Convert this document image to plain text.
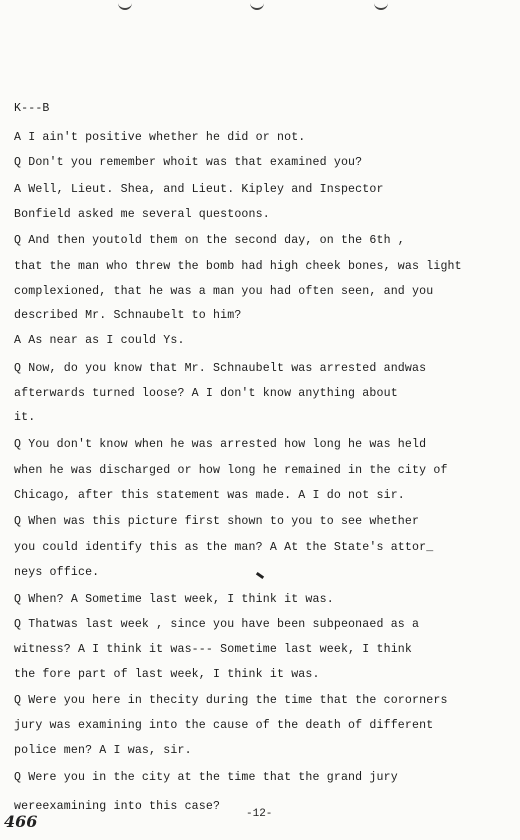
K---B
A I ain't positive whether he did or not.
Q Don't you remember whoit was that examined you?
A Well, Lieut. Shea, and Lieut. Kipley and Inspector
Bonfield asked me several questoons.
Q And then youtold them on the second day, on the 6th ,
that the man who threw the bomb had high cheek bones, was light
complexioned, that he was a man you had often seen, and you
described Mr. Schnaubelt to him?
A As near as I could Ys.
Q Now, do you know that Mr. Schnaubelt was arrested andwas
afterwards turned loose? A I don't know anything about
it.
Q You don't know when he was arrested how long he was held
when he was discharged or how long he remained in the city of
Chicago, after this statement was made. A I do not sir.
Q When was this picture first shown to you to see whether
you could identify this as the man? A At the State's attor_
neys office.
Q When? A Sometime last week, I think it was.
Q Thatwas last week , since you have been subpeonaed as a
witness? A I think it was--- Sometime last week, I think
the fore part of last week, I think it was.
Q Were you here in thecity during the time that the cororners
jury was examining into the cause of the death of different
police men? A I was, sir.
Q Were you in the city at the time that the grand jury
wereexamining into this case?
-12-
466
